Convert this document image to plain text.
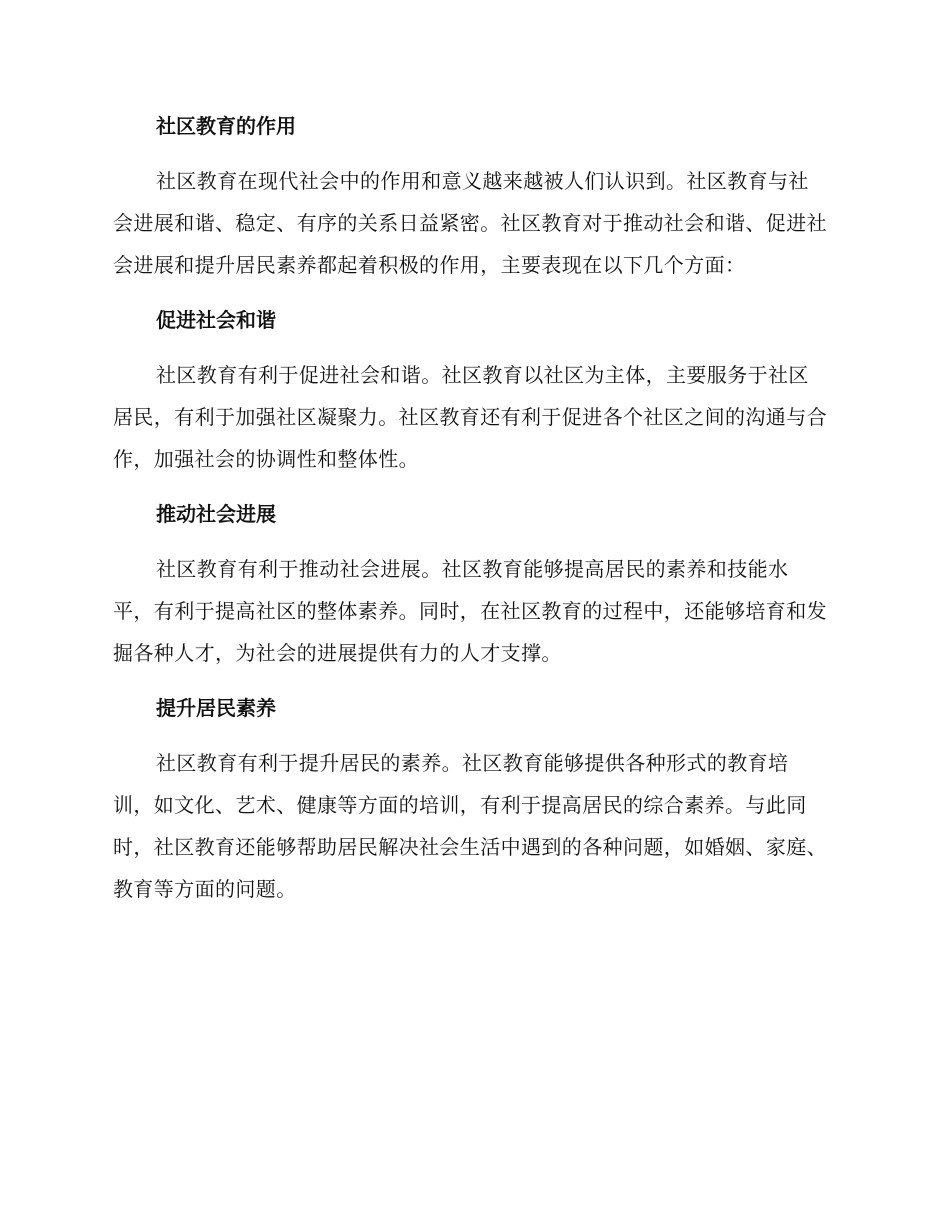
社区教育的作用
社区教育在现代社会中的作用和意义越来越被人们认识到。社区教育与社会进展和谐、稳定、有序的关系日益紧密。社区教育对于推动社会和谐、促进社会进展和提升居民素养都起着积极的作用，主要表现在以下几个方面：
促进社会和谐
社区教育有利于促进社会和谐。社区教育以社区为主体，主要服务于社区居民，有利于加强社区凝聚力。社区教育还有利于促进各个社区之间的沟通与合作，加强社会的协调性和整体性。
推动社会进展
社区教育有利于推动社会进展。社区教育能够提高居民的素养和技能水平，有利于提高社区的整体素养。同时，在社区教育的过程中，还能够培育和发掘各种人才，为社会的进展提供有力的人才支撑。
提升居民素养
社区教育有利于提升居民的素养。社区教育能够提供各种形式的教育培训，如文化、艺术、健康等方面的培训，有利于提高居民的综合素养。与此同时，社区教育还能够帮助居民解决社会生活中遇到的各种问题，如婚姻、家庭、教育等方面的问题。
